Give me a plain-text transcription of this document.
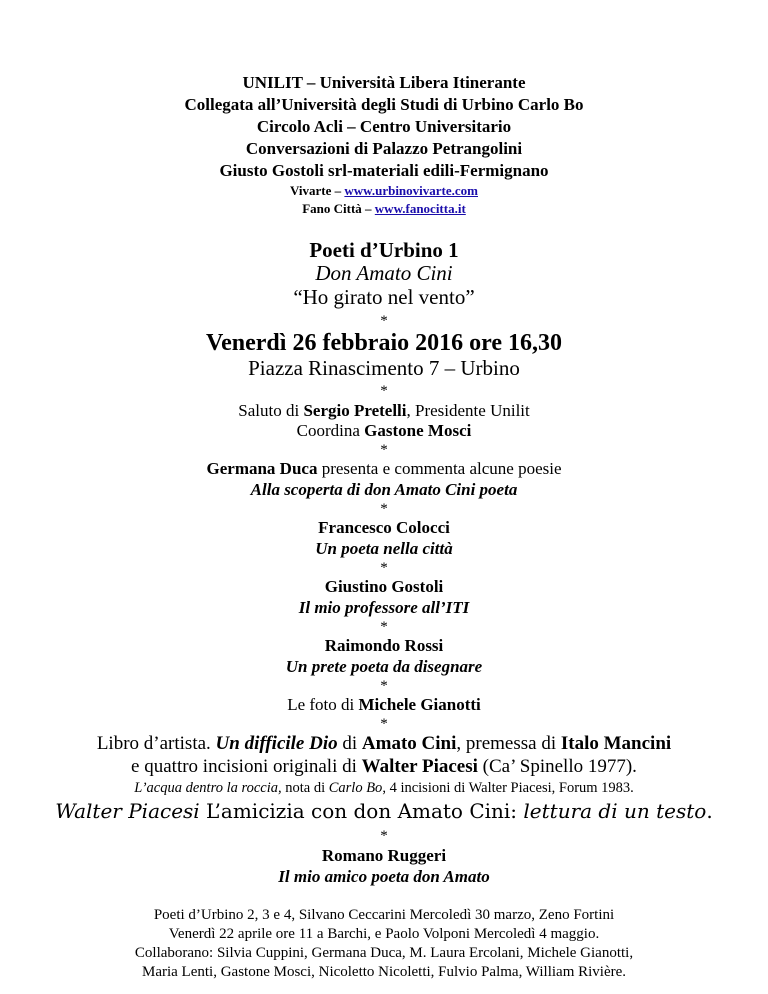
UNILIT – Università Libera Itinerante
Collegata all’Università degli Studi di Urbino Carlo Bo
Circolo Acli – Centro Universitario
Conversazioni di Palazzo Petrangolini
Giusto Gostoli srl-materiali edili-Fermignano
Vivarte – www.urbinovivarte.com
Fano Città – www.fanocitta.it
Poeti d’Urbino 1
Don Amato Cini
“Ho girato nel vento”
*
Venerdì 26 febbraio 2016 ore 16,30
Piazza Rinascimento 7 – Urbino
*
Saluto di Sergio Pretelli, Presidente Unilit
Coordina Gastone Mosci
*
Germana Duca presenta e commenta alcune poesie
Alla scoperta di don Amato Cini poeta
*
Francesco Colocci
Un poeta nella città
*
Giustino Gostoli
Il mio professore all’ITI
*
Raimondo Rossi
Un prete poeta da disegnare
*
Le foto di Michele Gianotti
*
Libro d’artista. Un difficile Dio di Amato Cini, premessa di Italo Mancini
e quattro incisioni originali di Walter Piacesi (Ca’ Spinello 1977).
L’acqua dentro la roccia, nota di Carlo Bo, 4 incisioni di Walter Piacesi, Forum 1983.
Walter Piacesi L’amicizia con don Amato Cini: lettura di un testo.
*
Romano Ruggeri
Il mio amico poeta don Amato
Poeti d’Urbino 2, 3 e 4, Silvano Ceccarini Mercoledì 30 marzo, Zeno Fortini
Venerdì 22 aprile ore 11 a Barchi, e Paolo Volponi Mercoledì 4 maggio.
Collaborano: Silvia Cuppini, Germana Duca, M. Laura Ercolani, Michele Gianotti,
Maria Lenti, Gastone Mosci, Nicoletto Nicoletti, Fulvio Palma, William Rivière.
